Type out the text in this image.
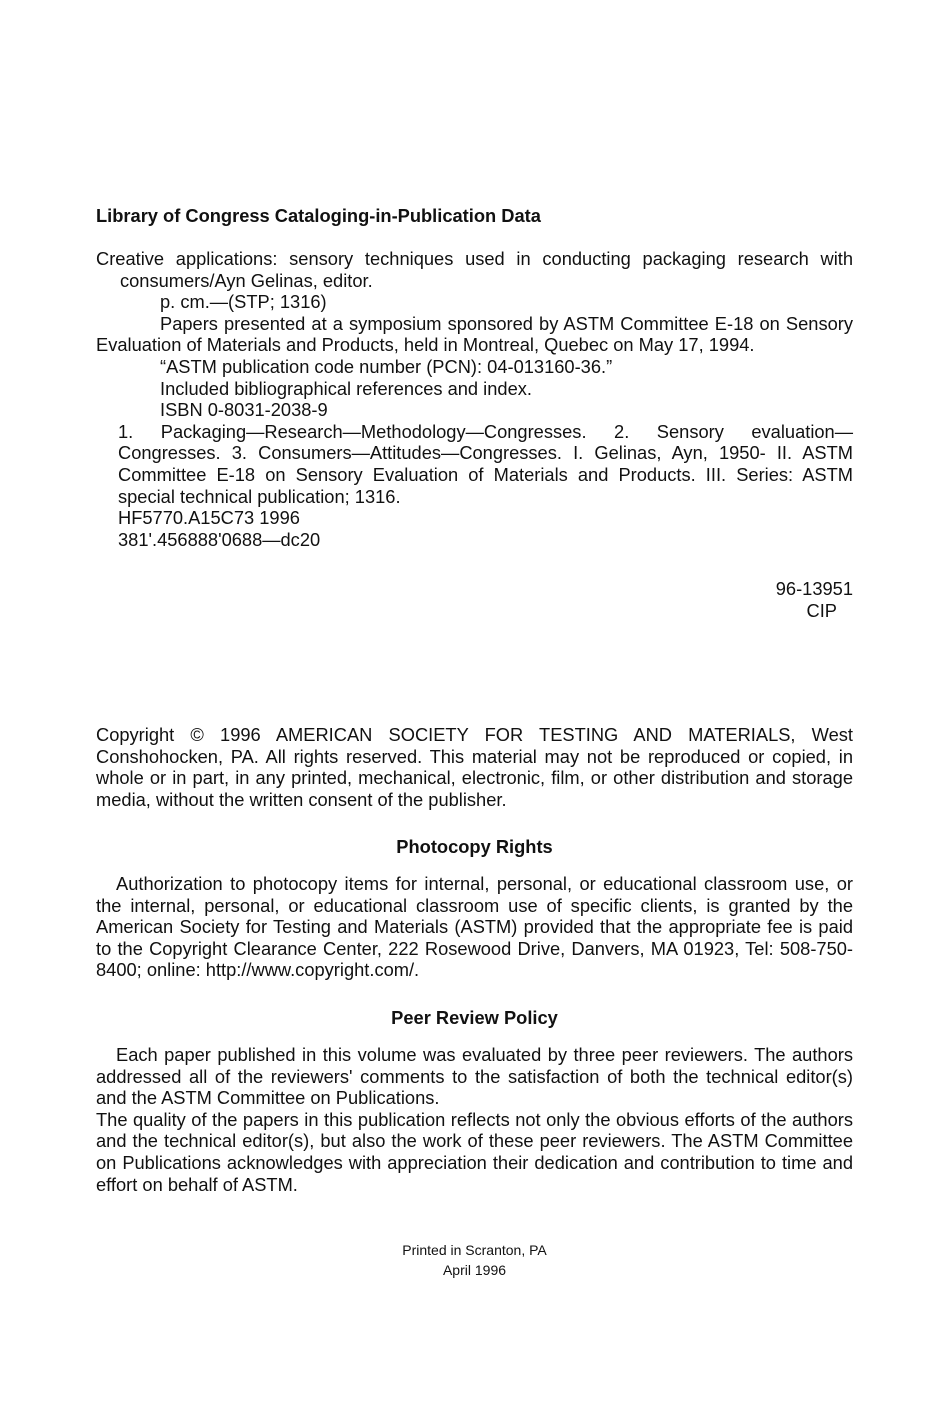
Library of Congress Cataloging-in-Publication Data

Creative applications: sensory techniques used in conducting packaging research with consumers/Ayn Gelinas, editor.

p. cm.—(STP; 1316)

Papers presented at a symposium sponsored by ASTM Committee E-18 on Sensory Evaluation of Materials and Products, held in Montreal, Quebec on May 17, 1994.

“ASTM publication code number (PCN): 04-013160-36.”

Included bibliographical references and index.

ISBN 0-8031-2038-9

1. Packaging—Research—Methodology—Congresses. 2. Sensory evaluation—Congresses. 3. Consumers—Attitudes—Congresses. I. Gelinas, Ayn, 1950- II. ASTM Committee E-18 on Sensory Evaluation of Materials and Products. III. Series: ASTM special technical publication; 1316.

HF5770.A15C73 1996

381'.456888'0688—dc20

96-13951
CIP
Copyright © 1996 AMERICAN SOCIETY FOR TESTING AND MATERIALS, West Conshohocken, PA. All rights reserved. This material may not be reproduced or copied, in whole or in part, in any printed, mechanical, electronic, film, or other distribution and storage media, without the written consent of the publisher.
Photocopy Rights
Authorization to photocopy items for internal, personal, or educational classroom use, or the internal, personal, or educational classroom use of specific clients, is granted by the American Society for Testing and Materials (ASTM) provided that the appropriate fee is paid to the Copyright Clearance Center, 222 Rosewood Drive, Danvers, MA 01923, Tel: 508-750-8400; online: http://www.copyright.com/.
Peer Review Policy

Each paper published in this volume was evaluated by three peer reviewers. The authors addressed all of the reviewers' comments to the satisfaction of both the technical editor(s) and the ASTM Committee on Publications.

The quality of the papers in this publication reflects not only the obvious efforts of the authors and the technical editor(s), but also the work of these peer reviewers. The ASTM Committee on Publications acknowledges with appreciation their dedication and contribution to time and effort on behalf of ASTM.

Printed in Scranton, PA
April 1996
